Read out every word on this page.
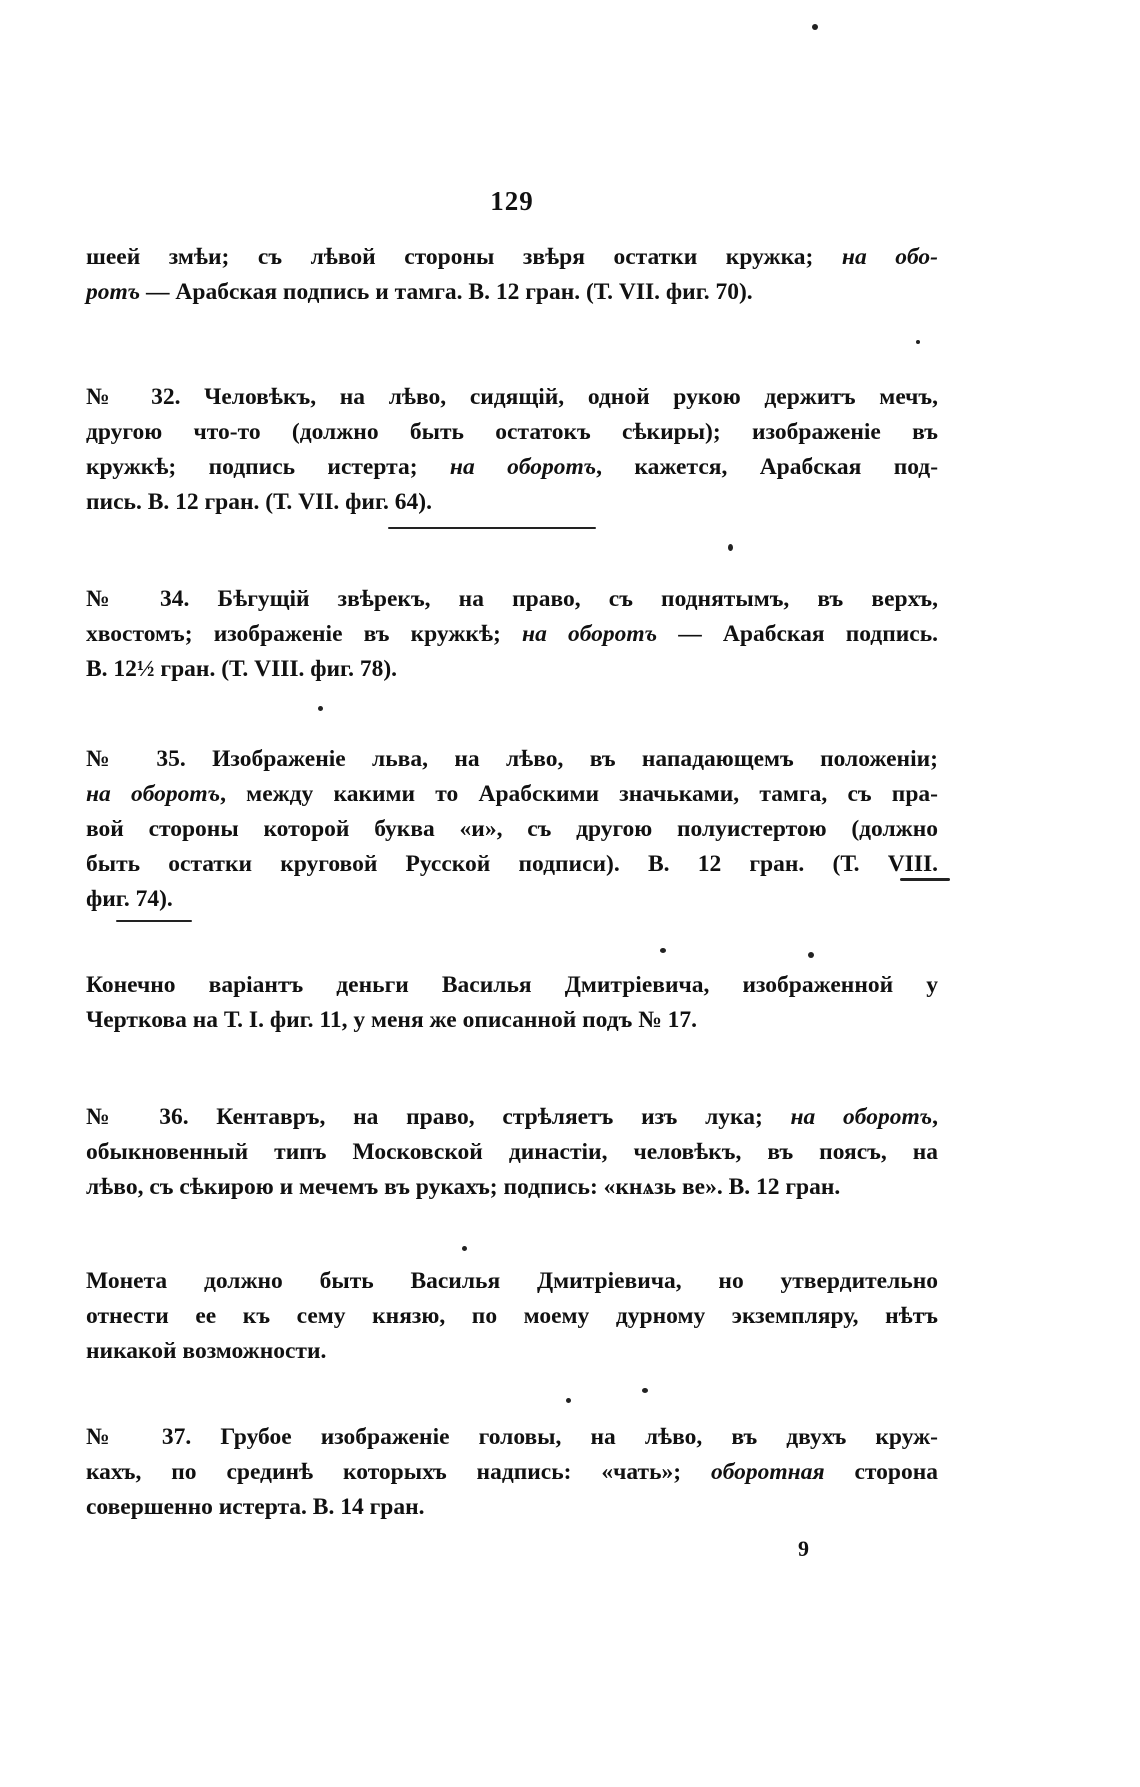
129
шеей змѣи; съ лѣвой стороны звѣря остатки кружка; на обо-
ротъ — Арабская подпись и тамга. В. 12 гран. (Т. VII. фиг. 70).
№ 32. Человѣкъ, на лѣво, сидящій, одной рукою держитъ мечъ,
другою что-то (должно быть остатокъ сѣкиры); изображеніе въ
кружкѣ; подпись истерта; на оборотъ, кажется, Арабская под-
пись. В. 12 гран. (Т. VII. фиг. 64).
№ 34. Бѣгущій звѣрекъ, на право, съ поднятымъ, въ верхъ,
хвостомъ; изображеніе въ кружкѣ; на оборотъ — Арабская подпись.
В. 12½ гран. (Т. VIII. фиг. 78).
№ 35. Изображеніе льва, на лѣво, въ нападающемъ положеніи;
на оборотъ, между какими то Арабскими значьками, тамга, съ пра-
вой стороны которой буква «и», съ другою полуистертою (должно
быть остатки круговой Русской подписи). В. 12 гран. (Т. VIII.
фиг. 74).
Конечно варіантъ деньги Василья Дмитріевича, изображенной у
Черткова на Т. I. фиг. 11, у меня же описанной подъ № 17.
№ 36. Кентавръ, на право, стрѣляетъ изъ лука; на оборотъ,
обыкновенный типъ Московской династіи, человѣкъ, въ поясъ, на
лѣво, съ сѣкирою и мечемъ въ рукахъ; подпись: «кнѧзь ве». В. 12 гран.
Монета должно быть Василья Дмитріевича, но утвердительно
отнести ее къ сему князю, по моему дурному экземпляру, нѣтъ
никакой возможности.
№ 37. Грубое изображеніе головы, на лѣво, въ двухъ круж-
кахъ, по срединѣ которыхъ надпись: «чать»; оборотная сторона
совершенно истерта. В. 14 гран.
9
